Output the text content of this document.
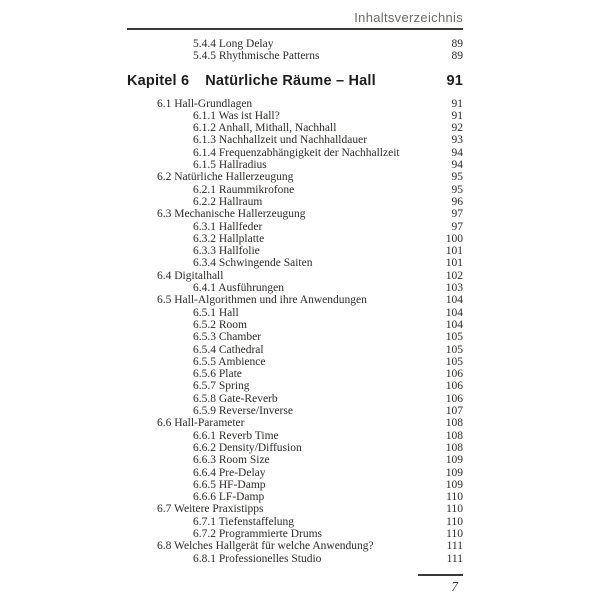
Inhaltsverzeichnis
5.4.4 Long Delay	89
5.4.5 Rhythmische Patterns	89
Kapitel 6 Natürliche Räume – Hall	91
6.1 Hall-Grundlagen	91
6.1.1 Was ist Hall?	91
6.1.2 Anhall, Mithall, Nachhall	92
6.1.3 Nachhallzeit und Nachhalldauer	93
6.1.4 Frequenzabhängigkeit der Nachhallzeit	94
6.1.5 Hallradius	94
6.2 Natürliche Hallerzeugung	95
6.2.1 Raummikrofone	95
6.2.2 Hallraum	96
6.3 Mechanische Hallerzeugung	97
6.3.1 Hallfeder	97
6.3.2 Hallplatte	100
6.3.3 Hallfolie	101
6.3.4 Schwingende Saiten	101
6.4 Digitalhall	102
6.4.1 Ausführungen	103
6.5 Hall-Algorithmen und ihre Anwendungen	104
6.5.1 Hall	104
6.5.2 Room	104
6.5.3 Chamber	105
6.5.4 Cathedral	105
6.5.5 Ambience	105
6.5.6 Plate	106
6.5.7 Spring	106
6.5.8 Gate-Reverb	106
6.5.9 Reverse/Inverse	107
6.6 Hall-Parameter	108
6.6.1 Reverb Time	108
6.6.2 Density/Diffusion	108
6.6.3 Room Size	109
6.6.4 Pre-Delay	109
6.6.5 HF-Damp	109
6.6.6 LF-Damp	110
6.7 Weitere Praxistipps	110
6.7.1 Tiefenstaffelung	110
6.7.2 Programmierte Drums	110
6.8 Welches Hallgerät für welche Anwendung?	111
6.8.1 Professionelles Studio	111
7
